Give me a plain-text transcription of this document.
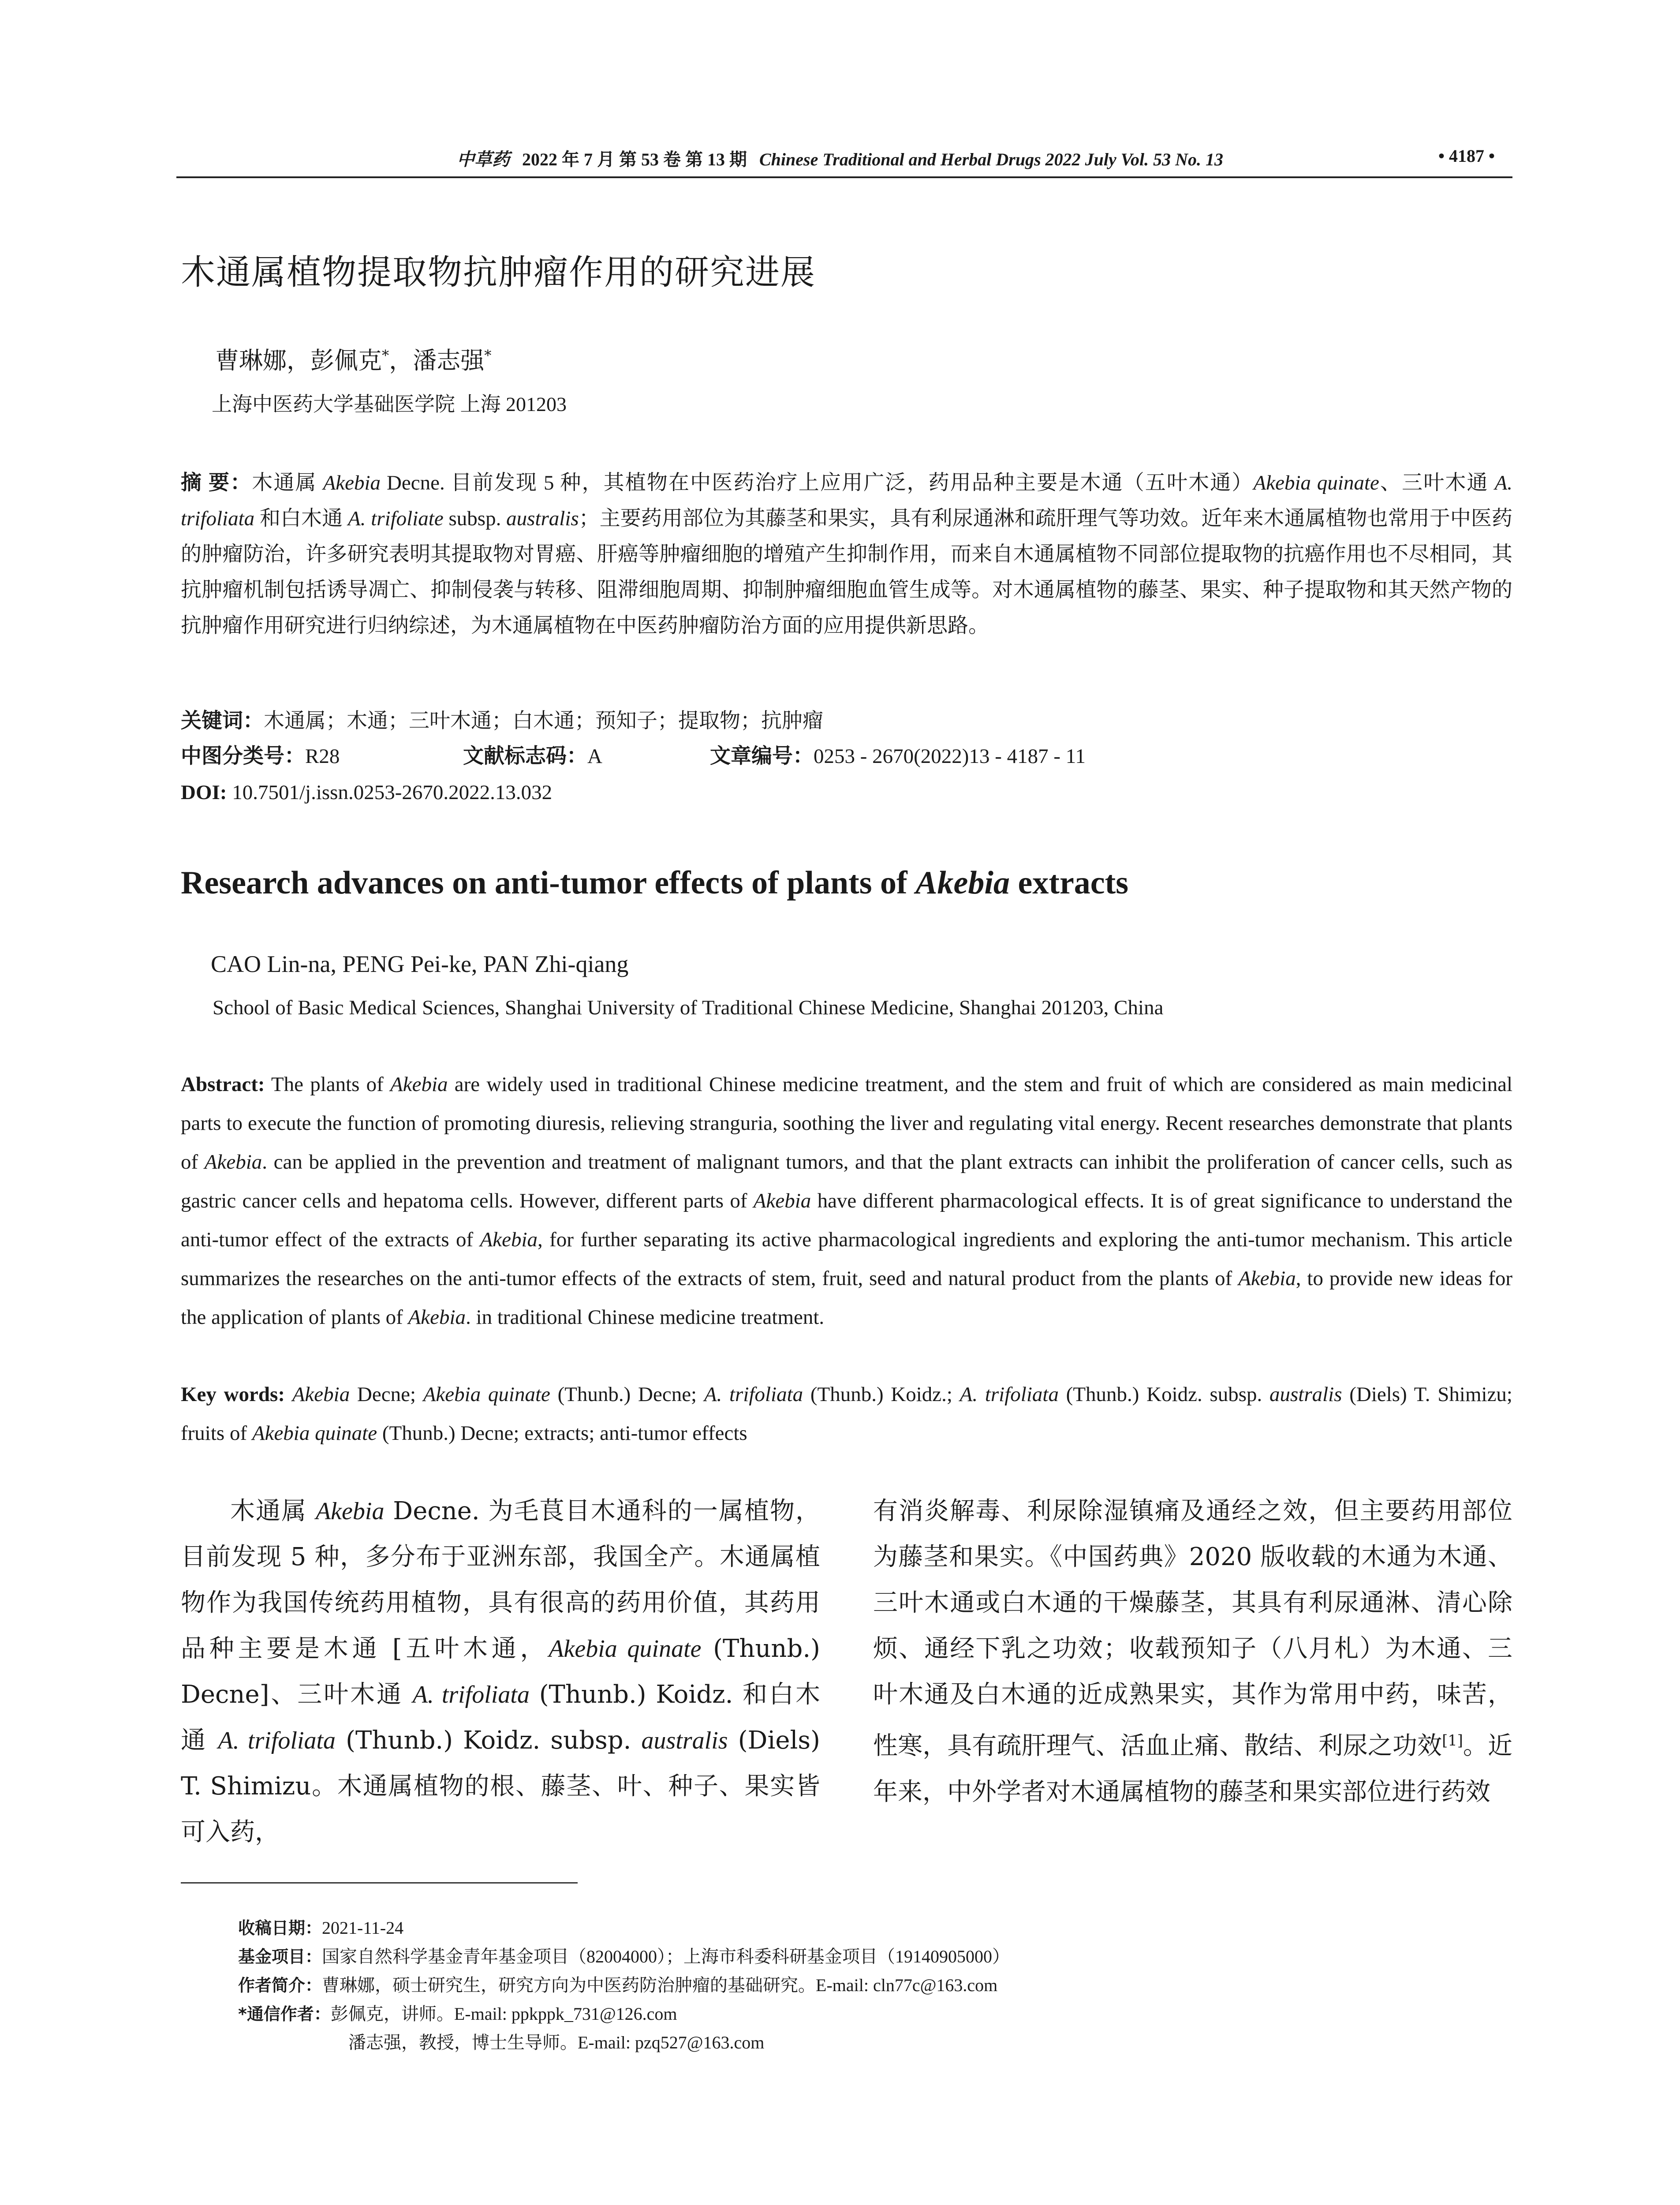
中草药 2022 年 7 月 第 53 卷 第 13 期 Chinese Traditional and Herbal Drugs 2022 July Vol. 53 No. 13	• 4187 •
木通属植物提取物抗肿瘤作用的研究进展
曹琳娜，彭佩克*，潘志强*
上海中医药大学基础医学院 上海 201203
摘 要：木通属 Akebia Decne. 目前发现 5 种，其植物在中医药治疗上应用广泛，药用品种主要是木通（五叶木通）Akebia quinate、三叶木通 A. trifoliata 和白木通 A. trifoliate subsp. australis；主要药用部位为其藤茎和果实，具有利尿通淋和疏肝理气等功效。近年来木通属植物也常用于中医药的肿瘤防治，许多研究表明其提取物对胃癌、肝癌等肿瘤细胞的增殖产生抑制作用，而来自木通属植物不同部位提取物的抗癌作用也不尽相同，其抗肿瘤机制包括诱导凋亡、抑制侵袭与转移、阻滞细胞周期、抑制肿瘤细胞血管生成等。对木通属植物的藤茎、果实、种子提取物和其天然产物的抗肿瘤作用研究进行归纳综述，为木通属植物在中医药肿瘤防治方面的应用提供新思路。
关键词：木通属；木通；三叶木通；白木通；预知子；提取物；抗肿瘤
中图分类号：R28	文献标志码：A	文章编号：0253 - 2670(2022)13 - 4187 - 11
DOI: 10.7501/j.issn.0253-2670.2022.13.032
Research advances on anti-tumor effects of plants of Akebia extracts
CAO Lin-na, PENG Pei-ke, PAN Zhi-qiang
School of Basic Medical Sciences, Shanghai University of Traditional Chinese Medicine, Shanghai 201203, China
Abstract: The plants of Akebia are widely used in traditional Chinese medicine treatment, and the stem and fruit of which are considered as main medicinal parts to execute the function of promoting diuresis, relieving stranguria, soothing the liver and regulating vital energy. Recent researches demonstrate that plants of Akebia. can be applied in the prevention and treatment of malignant tumors, and that the plant extracts can inhibit the proliferation of cancer cells, such as gastric cancer cells and hepatoma cells. However, different parts of Akebia have different pharmacological effects. It is of great significance to understand the anti-tumor effect of the extracts of Akebia, for further separating its active pharmacological ingredients and exploring the anti-tumor mechanism. This article summarizes the researches on the anti-tumor effects of the extracts of stem, fruit, seed and natural product from the plants of Akebia, to provide new ideas for the application of plants of Akebia. in traditional Chinese medicine treatment.
Key words: Akebia Decne; Akebia quinate (Thunb.) Decne; A. trifoliata (Thunb.) Koidz.; A. trifoliata (Thunb.) Koidz. subsp. australis (Diels) T. Shimizu; fruits of Akebia quinate (Thunb.) Decne; extracts; anti-tumor effects
木通属 Akebia Decne. 为毛茛目木通科的一属植物，目前发现 5 种，多分布于亚洲东部，我国全产。木通属植物作为我国传统药用植物，具有很高的药用价值，其药用品种主要是木通 [五叶木通，Akebia quinate (Thunb.) Decne]、三叶木通 A. trifoliata (Thunb.) Koidz. 和白木通 A. trifoliata (Thunb.) Koidz. subsp. australis (Diels) T. Shimizu。木通属植物的根、藤茎、叶、种子、果实皆可入药，
有消炎解毒、利尿除湿镇痛及通经之效，但主要药用部位为藤茎和果实。《中国药典》2020 版收载的木通为木通、三叶木通或白木通的干燥藤茎，其具有利尿通淋、清心除烦、通经下乳之功效；收载预知子（八月札）为木通、三叶木通及白木通的近成熟果实，其作为常用中药，味苦，性寒，具有疏肝理气、活血止痛、散结、利尿之功效[1]。近年来，中外学者对木通属植物的藤茎和果实部位进行药效
收稿日期：2021-11-24
基金项目：国家自然科学基金青年基金项目（82004000）；上海市科委科研基金项目（19140905000）
作者简介：曹琳娜，硕士研究生，研究方向为中医药防治肿瘤的基础研究。E-mail: cln77c@163.com
*通信作者：彭佩克，讲师。E-mail: ppkppk_731@126.com
潘志强，教授，博士生导师。E-mail: pzq527@163.com
